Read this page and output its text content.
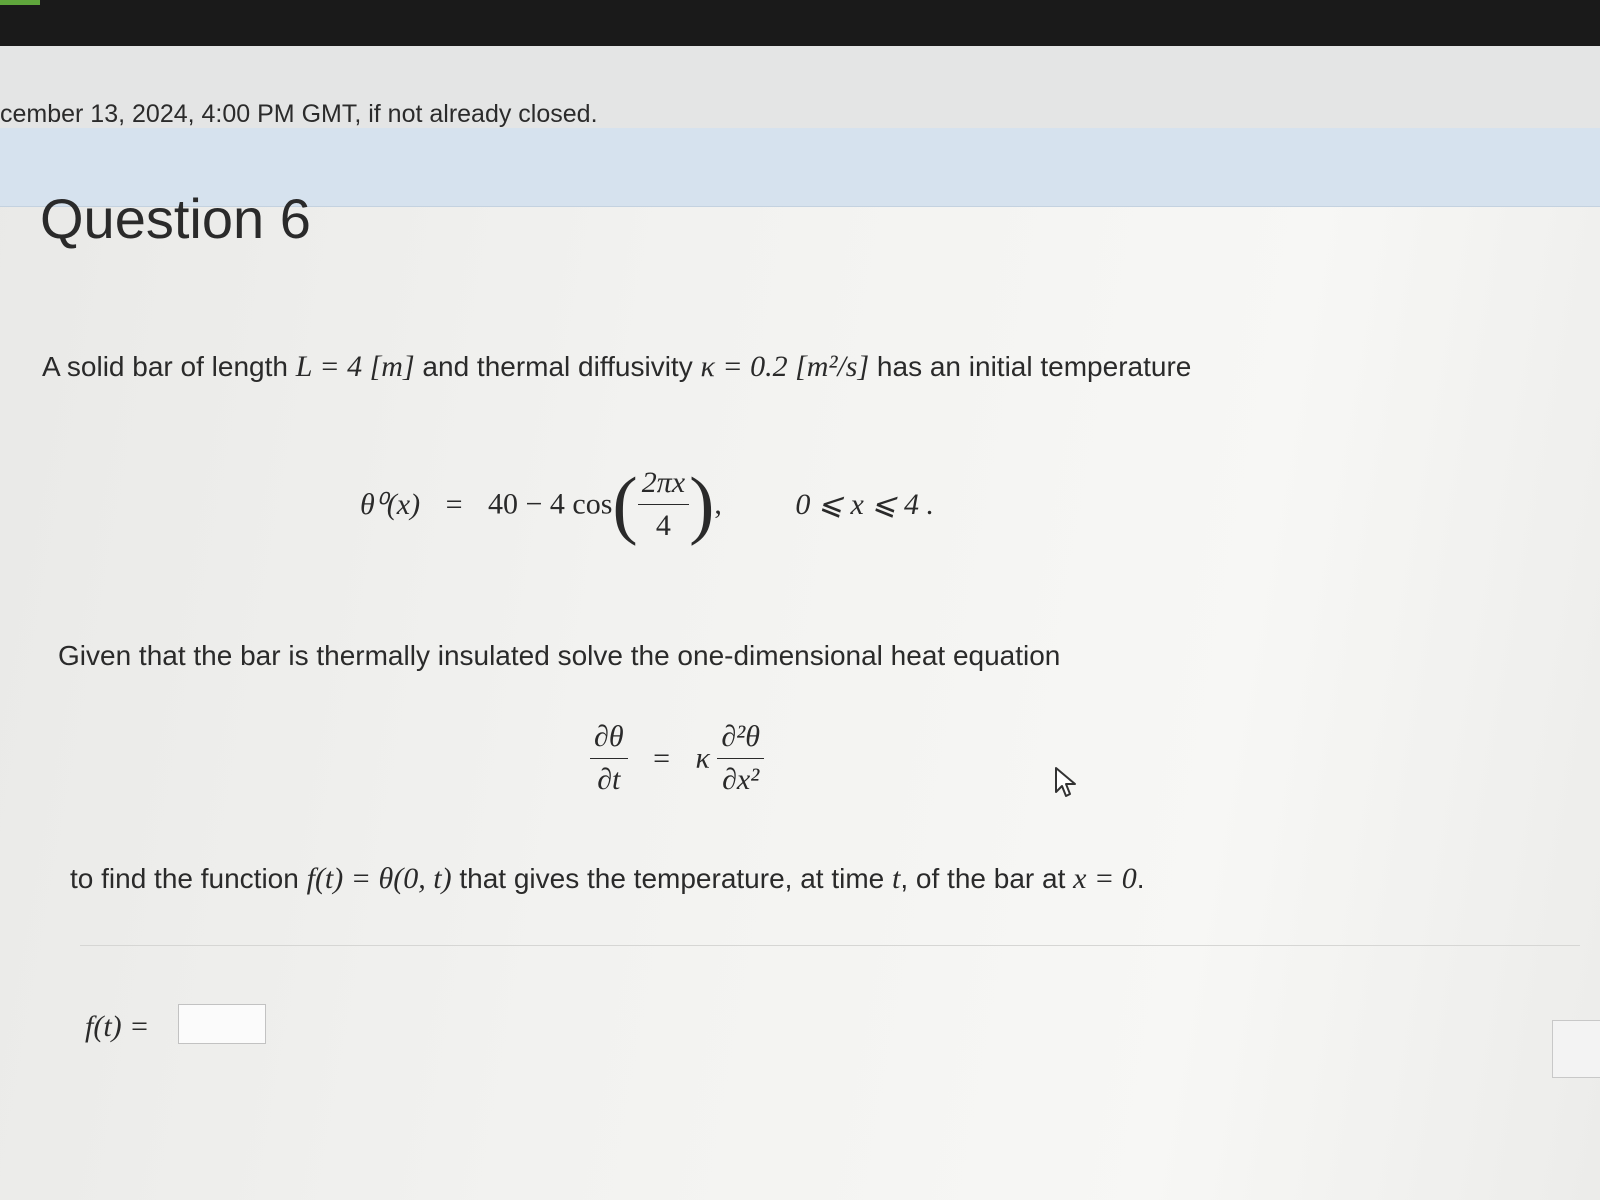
cember 13, 2024, 4:00 PM GMT, if not already closed.
Question 6
A solid bar of length L = 4 [m] and thermal diffusivity κ = 0.2 [m²/s] has an initial temperature
θ⁰(x) = 40 − 4 $\cos( \frac{2\pi x}{4}$ ), 0 ⩽ x ⩽ 4 .
Given that the bar is thermally insulated solve the one-dimensional heat equation
$\frac{\partial\theta}{\partial t} = \kappa \frac{\text{∂²θ}}{\text{∂x²}}$
to find the function f(t) = θ(0, t) that gives the temperature, at time t, of the bar at x = 0.
f(t) =
